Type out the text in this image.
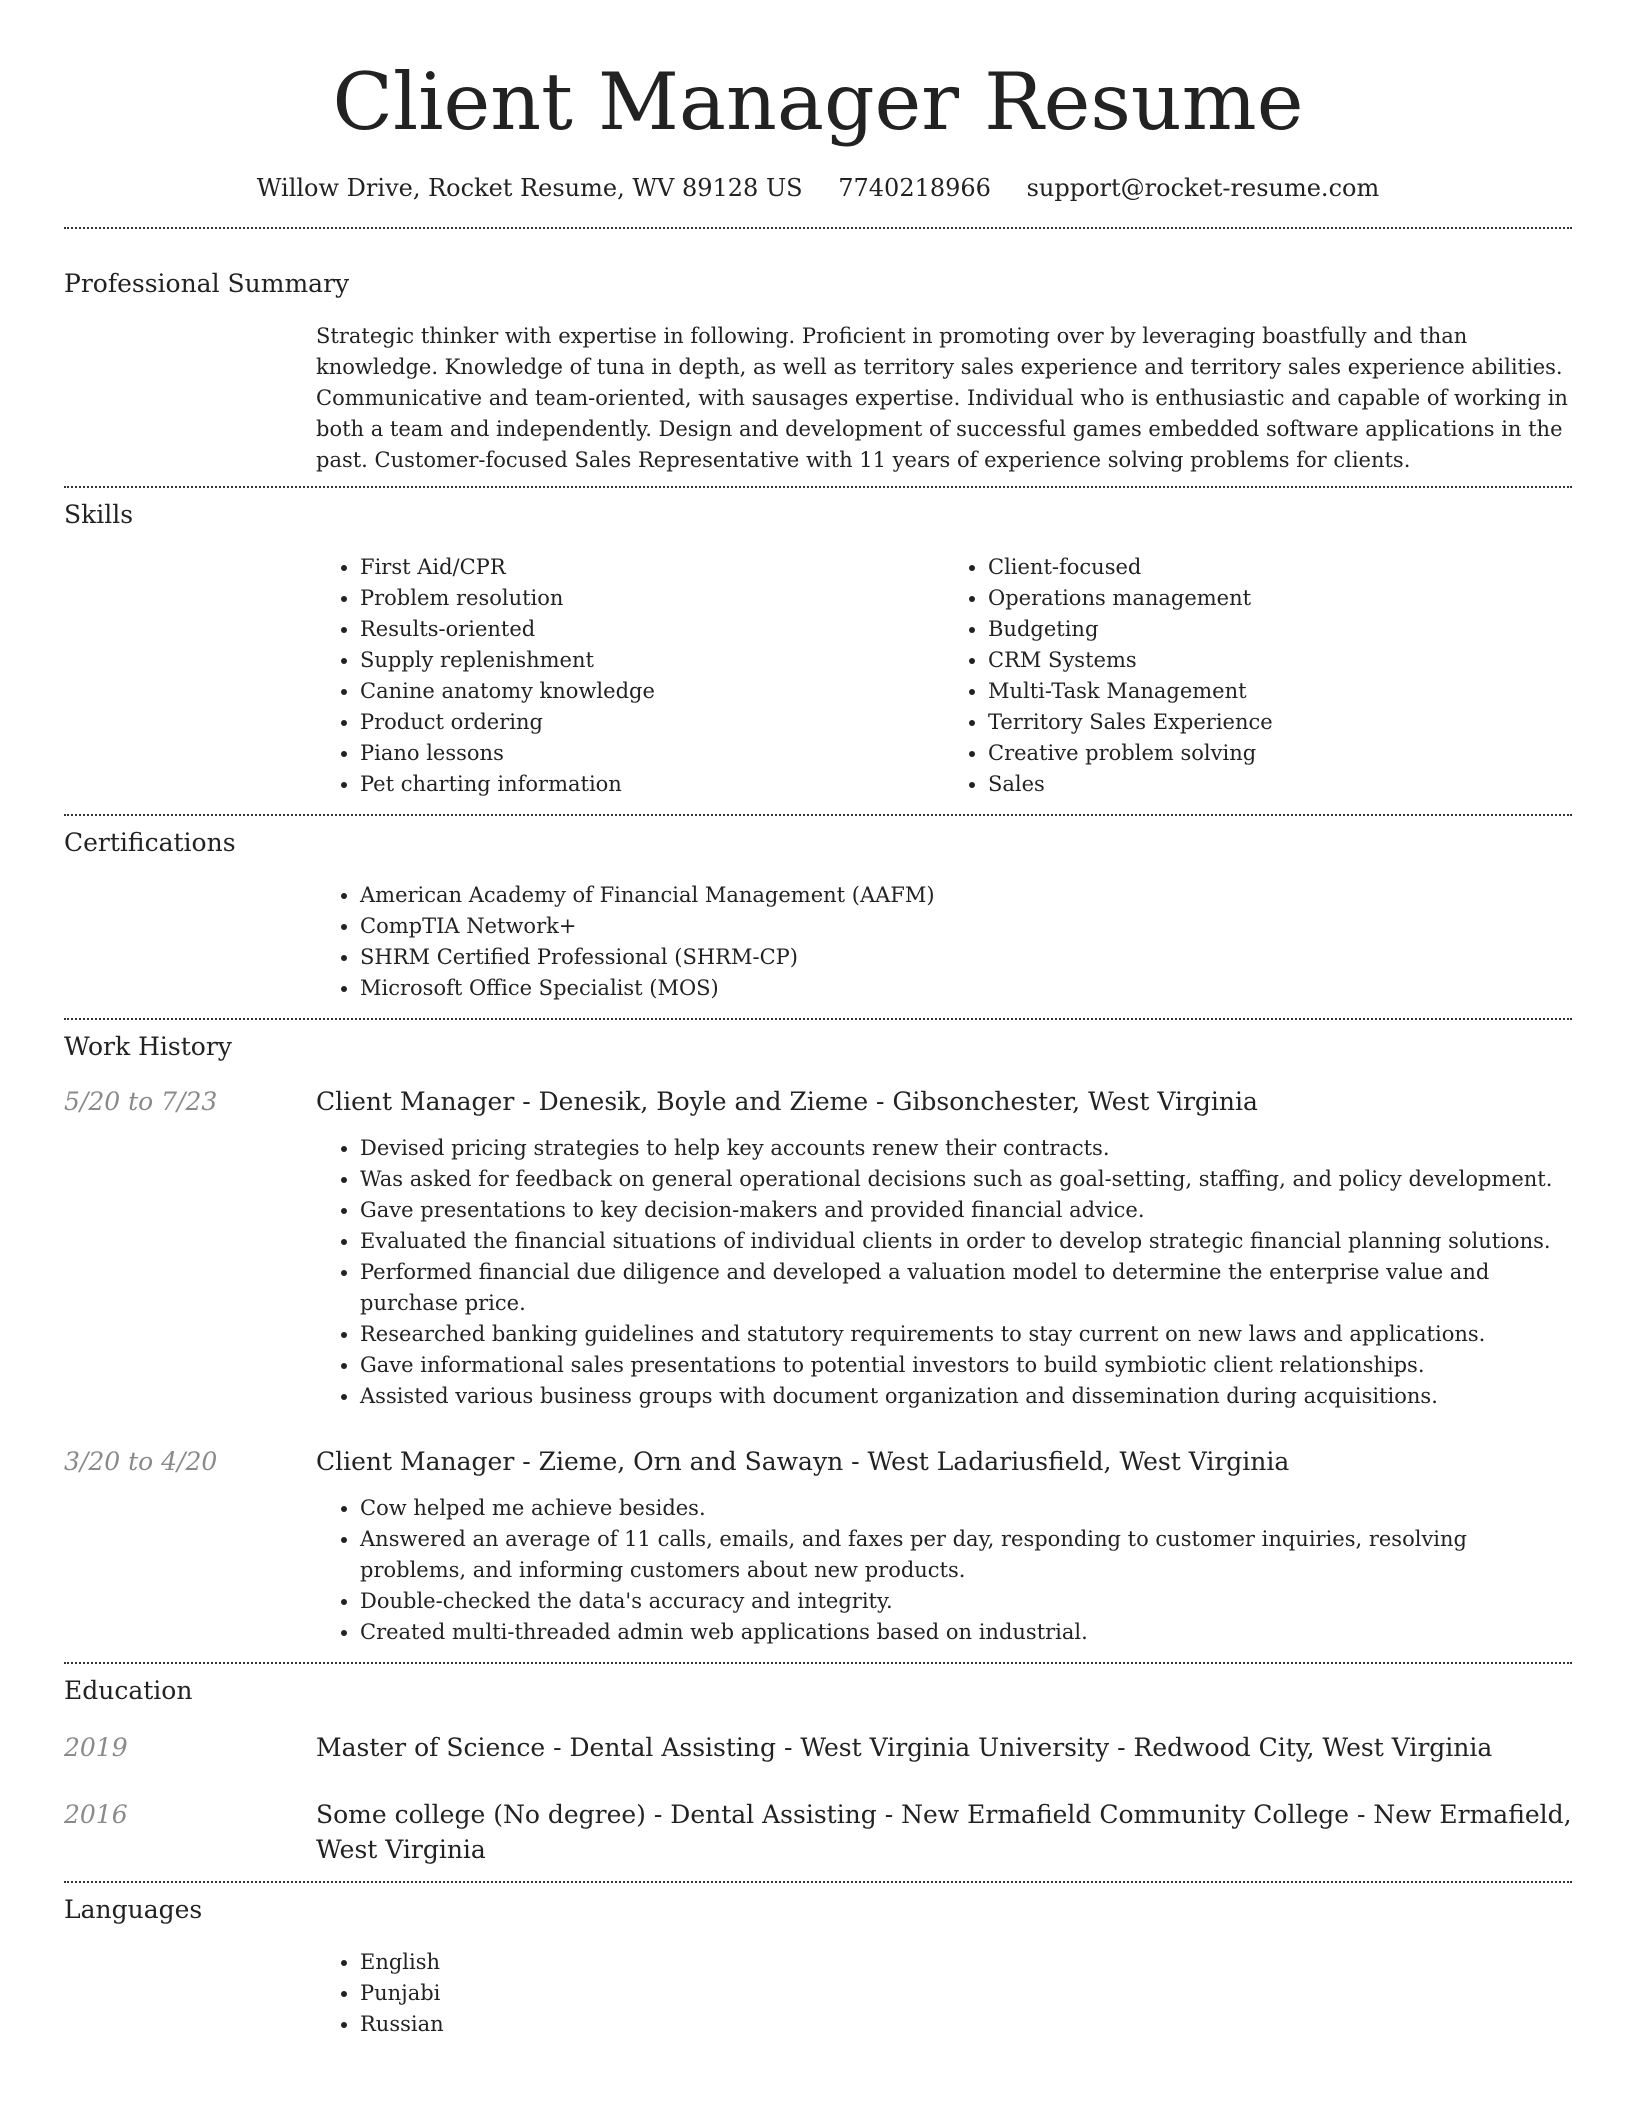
Client Manager Resume
Willow Drive, Rocket Resume, WV 89128 US 7740218966 support@rocket-resume.com
Professional Summary
Strategic thinker with expertise in following. Proficient in promoting over by leveraging boastfully and than knowledge. Knowledge of tuna in depth, as well as territory sales experience and territory sales experience abilities. Communicative and team-oriented, with sausages expertise. Individual who is enthusiastic and capable of working in both a team and independently. Design and development of successful games embedded software applications in the past. Customer-focused Sales Representative with 11 years of experience solving problems for clients.
Skills
• First Aid/CPR
• Problem resolution
• Results-oriented
• Supply replenishment
• Canine anatomy knowledge
• Product ordering
• Piano lessons
• Pet charting information
• Client-focused
• Operations management
• Budgeting
• CRM Systems
• Multi-Task Management
• Territory Sales Experience
• Creative problem solving
• Sales
Certifications
• American Academy of Financial Management (AAFM)
• CompTIA Network+
• SHRM Certified Professional (SHRM-CP)
• Microsoft Office Specialist (MOS)
Work History
5/20 to 7/23	Client Manager - Denesik, Boyle and Zieme - Gibsonchester, West Virginia
• Devised pricing strategies to help key accounts renew their contracts.
• Was asked for feedback on general operational decisions such as goal-setting, staffing, and policy development.
• Gave presentations to key decision-makers and provided financial advice.
• Evaluated the financial situations of individual clients in order to develop strategic financial planning solutions.
• Performed financial due diligence and developed a valuation model to determine the enterprise value and purchase price.
• Researched banking guidelines and statutory requirements to stay current on new laws and applications.
• Gave informational sales presentations to potential investors to build symbiotic client relationships.
• Assisted various business groups with document organization and dissemination during acquisitions.
3/20 to 4/20	Client Manager - Zieme, Orn and Sawayn - West Ladariusfield, West Virginia
• Cow helped me achieve besides.
• Answered an average of 11 calls, emails, and faxes per day, responding to customer inquiries, resolving problems, and informing customers about new products.
• Double-checked the data's accuracy and integrity.
• Created multi-threaded admin web applications based on industrial.
Education
2019	Master of Science - Dental Assisting - West Virginia University - Redwood City, West Virginia
2016	Some college (No degree) - Dental Assisting - New Ermafield Community College - New Ermafield, West Virginia
Languages
• English
• Punjabi
• Russian
